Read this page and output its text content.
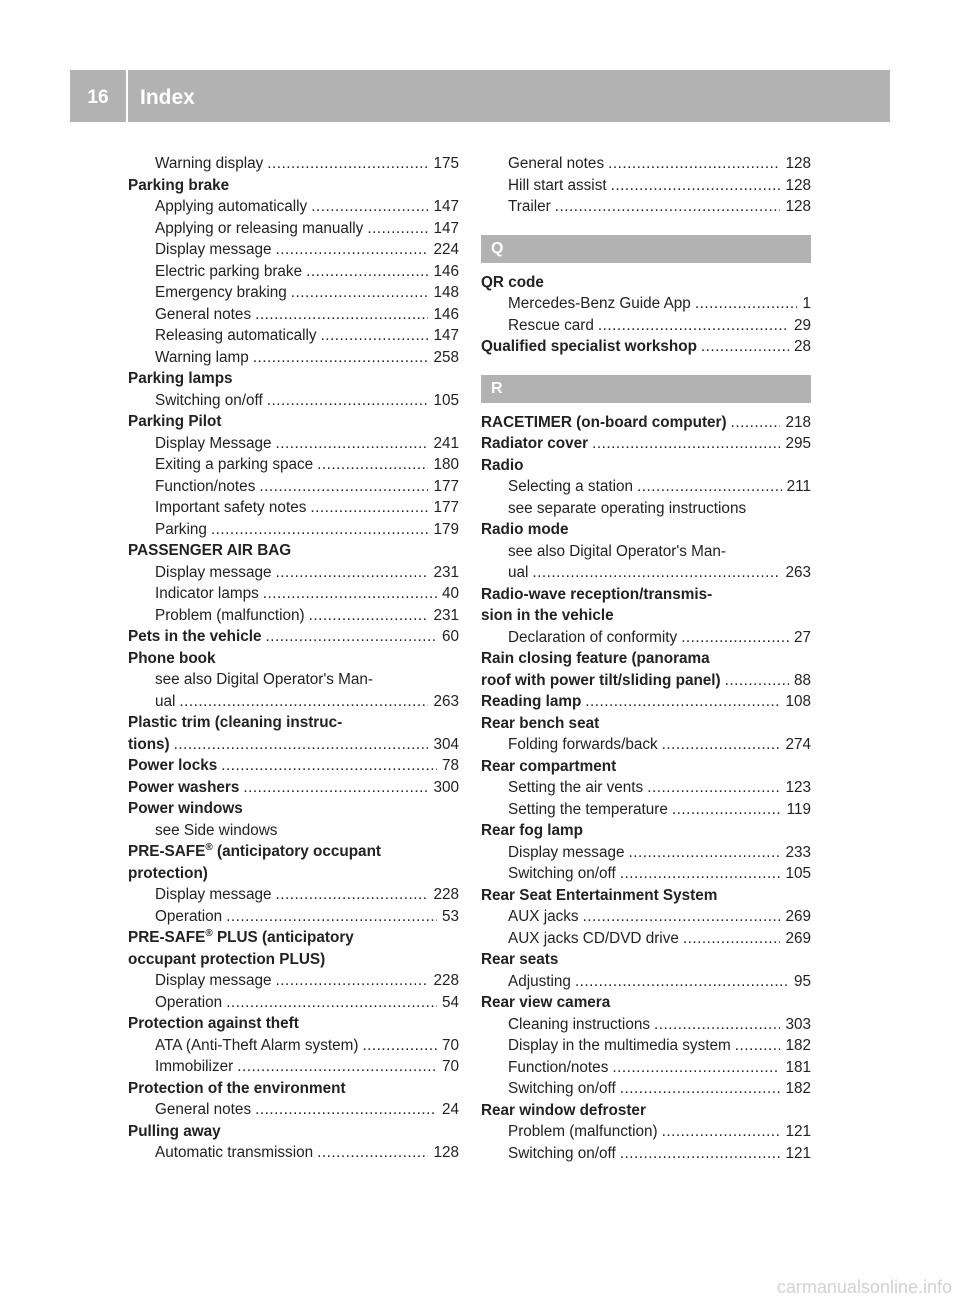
16	Index
Warning display .....	175
Parking brake
Applying automatically .....	147
Applying or releasing manually .....	147
Display message .....	224
Electric parking brake .....	146
Emergency braking .....	148
General notes .....	146
Releasing automatically .....	147
Warning lamp .....	258
Parking lamps
Switching on/off .....	105
Parking Pilot
Display Message .....	241
Exiting a parking space .....	180
Function/notes .....	177
Important safety notes .....	177
Parking .....	179
PASSENGER AIR BAG
Display message .....	231
Indicator lamps .....	40
Problem (malfunction) .....	231
Pets in the vehicle .....	60
Phone book
see also Digital Operator's Man-
ual .....	263
Plastic trim (cleaning instruc-
tions) .....	304
Power locks .....	78
Power washers .....	300
Power windows
see Side windows
PRE-SAFE® (anticipatory occupant
protection)
Display message .....	228
Operation .....	53
PRE-SAFE® PLUS (anticipatory
occupant protection PLUS)
Display message .....	228
Operation .....	54
Protection against theft
ATA (Anti-Theft Alarm system) .....	70
Immobilizer .....	70
Protection of the environment
General notes .....	24
Pulling away
Automatic transmission .....	128
General notes .....	128
Hill start assist .....	128
Trailer .....	128
Q
QR code
Mercedes-Benz Guide App .....	1
Rescue card .....	29
Qualified specialist workshop .....	28
R
RACETIMER (on-board computer) .....	218
Radiator cover .....	295
Radio
Selecting a station .....	211
see separate operating instructions
Radio mode
see also Digital Operator's Man-
ual .....	263
Radio-wave reception/transmis-
sion in the vehicle
Declaration of conformity .....	27
Rain closing feature (panorama
roof with power tilt/sliding panel) .....	88
Reading lamp .....	108
Rear bench seat
Folding forwards/back .....	274
Rear compartment
Setting the air vents .....	123
Setting the temperature .....	119
Rear fog lamp
Display message .....	233
Switching on/off .....	105
Rear Seat Entertainment System
AUX jacks .....	269
AUX jacks CD/DVD drive .....	269
Rear seats
Adjusting .....	95
Rear view camera
Cleaning instructions .....	303
Display in the multimedia system .....	182
Function/notes .....	181
Switching on/off .....	182
Rear window defroster
Problem (malfunction) .....	121
Switching on/off .....	121
carmanualsonline.info
